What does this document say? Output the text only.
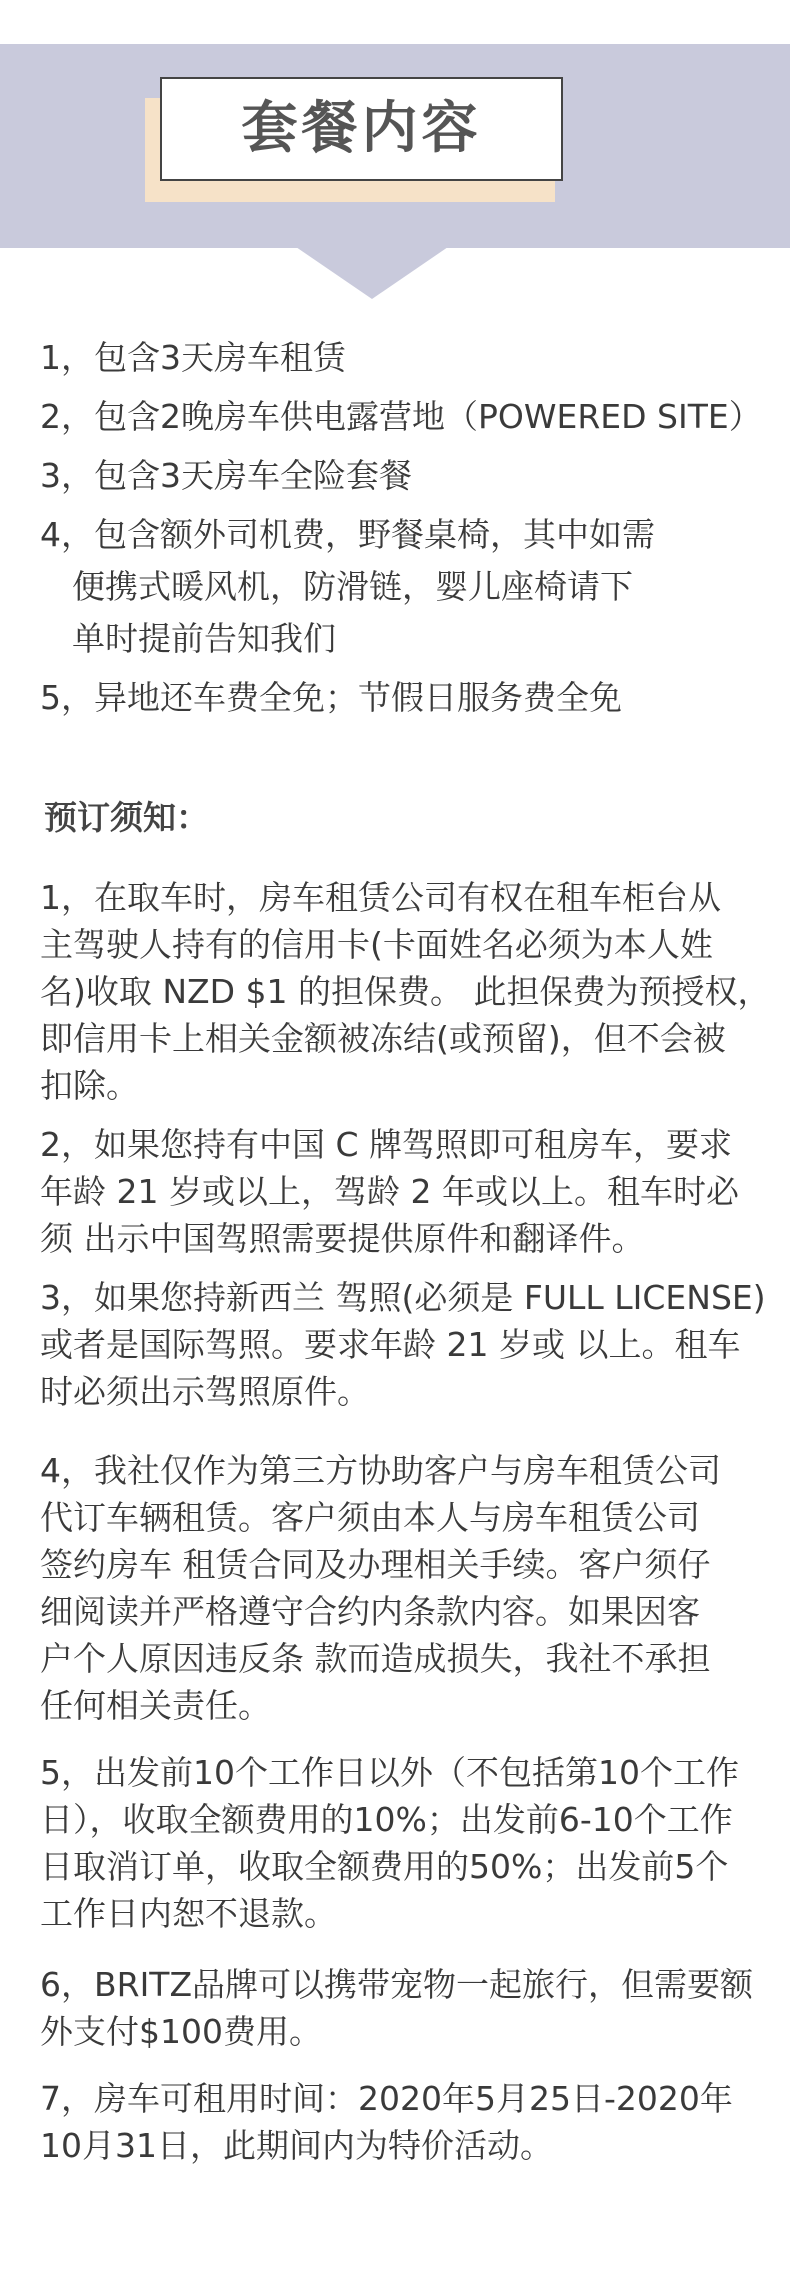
套餐内容
1，包含3天房车租赁
2，包含2晚房车供电露营地（POWERED SITE）
3，包含3天房车全险套餐
4，包含额外司机费，野餐桌椅，其中如需
便携式暖风机，防滑链，婴儿座椅请下
单时提前告知我们
5，异地还车费全免；节假日服务费全免
预订须知：
1，在取车时，房车租赁公司有权在租车柜台从
主驾驶人持有的信用卡(卡面姓名必须为本人姓
名)收取 NZD $1 的担保费。 此担保费为预授权，
即信用卡上相关金额被冻结(或预留)，但不会被
扣除。
2，如果您持有中国 C 牌驾照即可租房车，要求
年龄 21 岁或以上，驾龄 2 年或以上。租车时必
须 出示中国驾照需要提供原件和翻译件。
3，如果您持新西兰 驾照(必须是 FULL LICENSE)
或者是国际驾照。要求年龄 21 岁或 以上。租车
时必须出示驾照原件。
4，我社仅作为第三方协助客户与房车租赁公司
代订车辆租赁。客户须由本人与房车租赁公司
签约房车 租赁合同及办理相关手续。客户须仔
细阅读并严格遵守合约内条款内容。如果因客
户个人原因违反条 款而造成损失，我社不承担
任何相关责任。
5，出发前10个工作日以外（不包括第10个工作
日），收取全额费用的10%；出发前6-10个工作
日取消订单，收取全额费用的50%；出发前5个
工作日内恕不退款。
6，BRITZ品牌可以携带宠物一起旅行，但需要额
外支付$100费用。
7，房车可租用时间：2020年5月25日-2020年
10月31日，此期间内为特价活动。
